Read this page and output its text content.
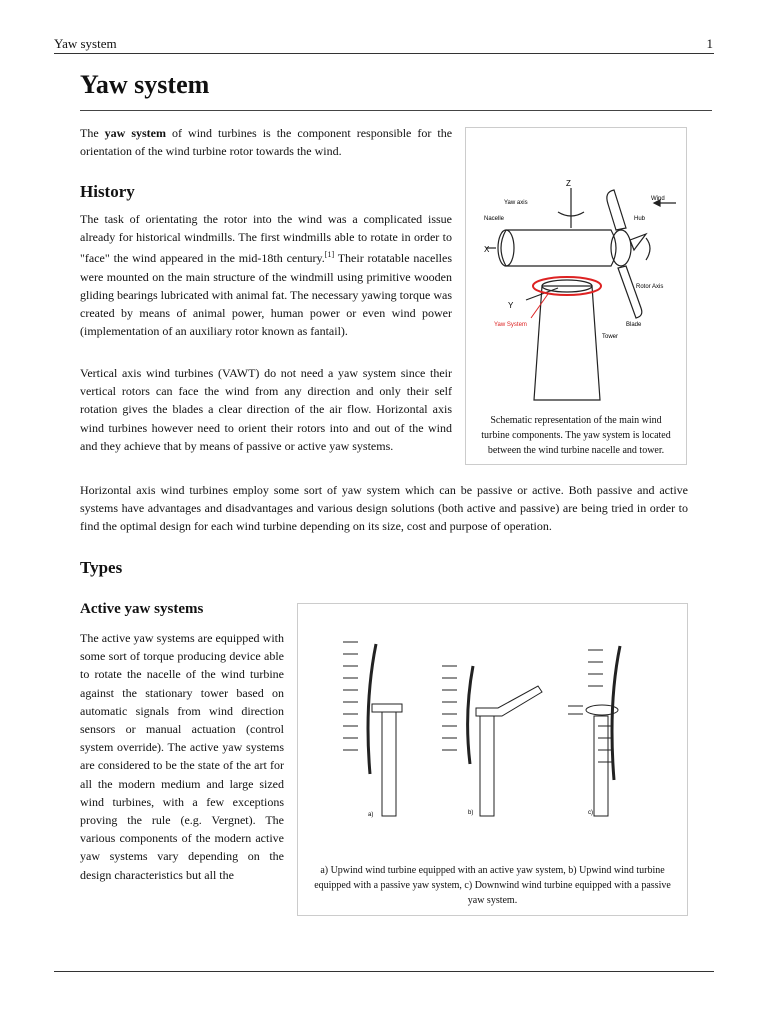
Yaw system	1
Yaw system

The yaw system of wind turbines is the component responsible for the orientation of the wind turbine rotor towards the wind.

History

The task of orientating the rotor into the wind was a complicated issue already for historical windmills. The first windmills able to rotate in order to "face" the wind appeared in the mid-18th century.[1] Their rotatable nacelles were mounted on the main structure of the windmill using primitive wooden gliding bearings lubricated with animal fat. The necessary yawing torque was created by means of animal power, human power or even wind power (implementation of an auxiliary rotor known as fantail).

Vertical axis wind turbines (VAWT) do not need a yaw system since their vertical rotors can face the wind from any direction and only their self rotation gives the blades a clear direction of the air flow. Horizontal axis wind turbines however need to orient their rotors into and out of the wind and they achieve that by means of passive or active yaw systems.

Horizontal axis wind turbines employ some sort of yaw system which can be passive or active. Both passive and active systems have advantages and disadvantages and various design solutions (both active and passive) are being tried in order to find the optimal design for each wind turbine depending on its size, cost and purpose of operation.

Z
Yaw axis
Wind
Nacelle	Hub
X
Rotor Axis
Y
Yaw System	Blade
Tower
Schematic representation of the main wind turbine components. The yaw system is located between the wind turbine nacelle and tower.
Types
Active yaw systems

The active yaw systems are equipped with some sort of torque producing device able to rotate the nacelle of the wind turbine against the stationary tower based on automatic signals from wind direction sensors or manual actuation (control system override). The active yaw systems are considered to be the state of the art for all the modern medium and large sized wind turbines, with a few exceptions proving the rule (e.g. Vergnet). The various components of the modern active yaw systems vary depending on the design characteristics but all the

a)	b)	c)
a) Upwind wind turbine equipped with an active yaw system, b) Upwind wind turbine equipped with a passive yaw system, c) Downwind wind turbine equipped with a passive yaw system.
